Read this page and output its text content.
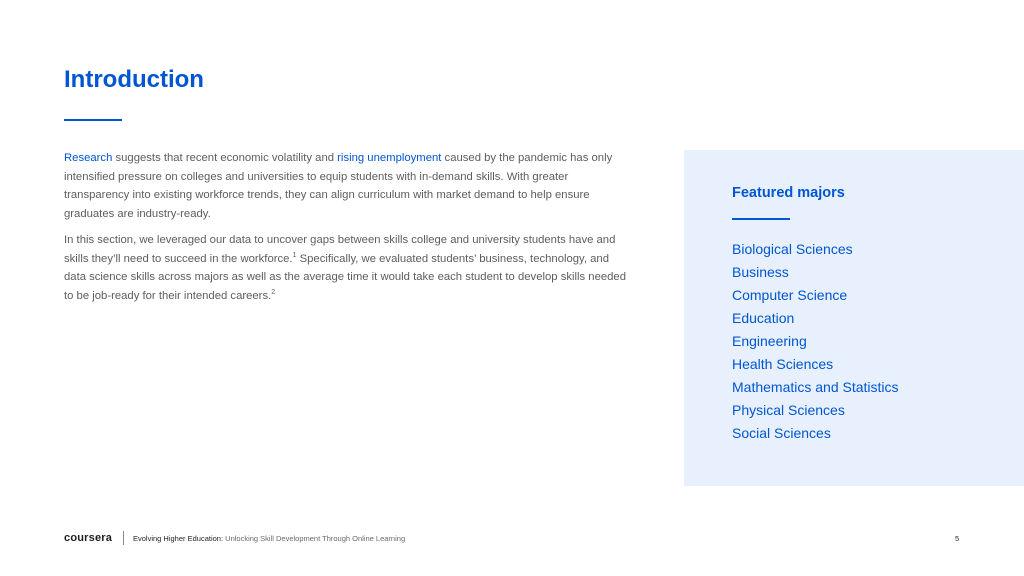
Introduction

Research suggests that recent economic volatility and rising unemployment caused by the pandemic has only intensified pressure on colleges and universities to equip students with in-demand skills. With greater transparency into existing workforce trends, they can align curriculum with market demand to help ensure graduates are industry-ready.

In this section, we leveraged our data to uncover gaps between skills college and university students have and skills they’ll need to succeed in the workforce.$^1$ Specifically, we evaluated students’ business, technology, and data science skills across majors as well as the average time it would take each student to develop skills needed to be job-ready for their intended careers.$^2$

Featured majors
Biological Sciences
Business
Computer Science
Education
Engineering
Health Sciences
Mathematics and Statistics
Physical Sciences
Social Sciences
coursera	Evolving Higher Education: Unlocking Skill Development Through Online Learning	5
